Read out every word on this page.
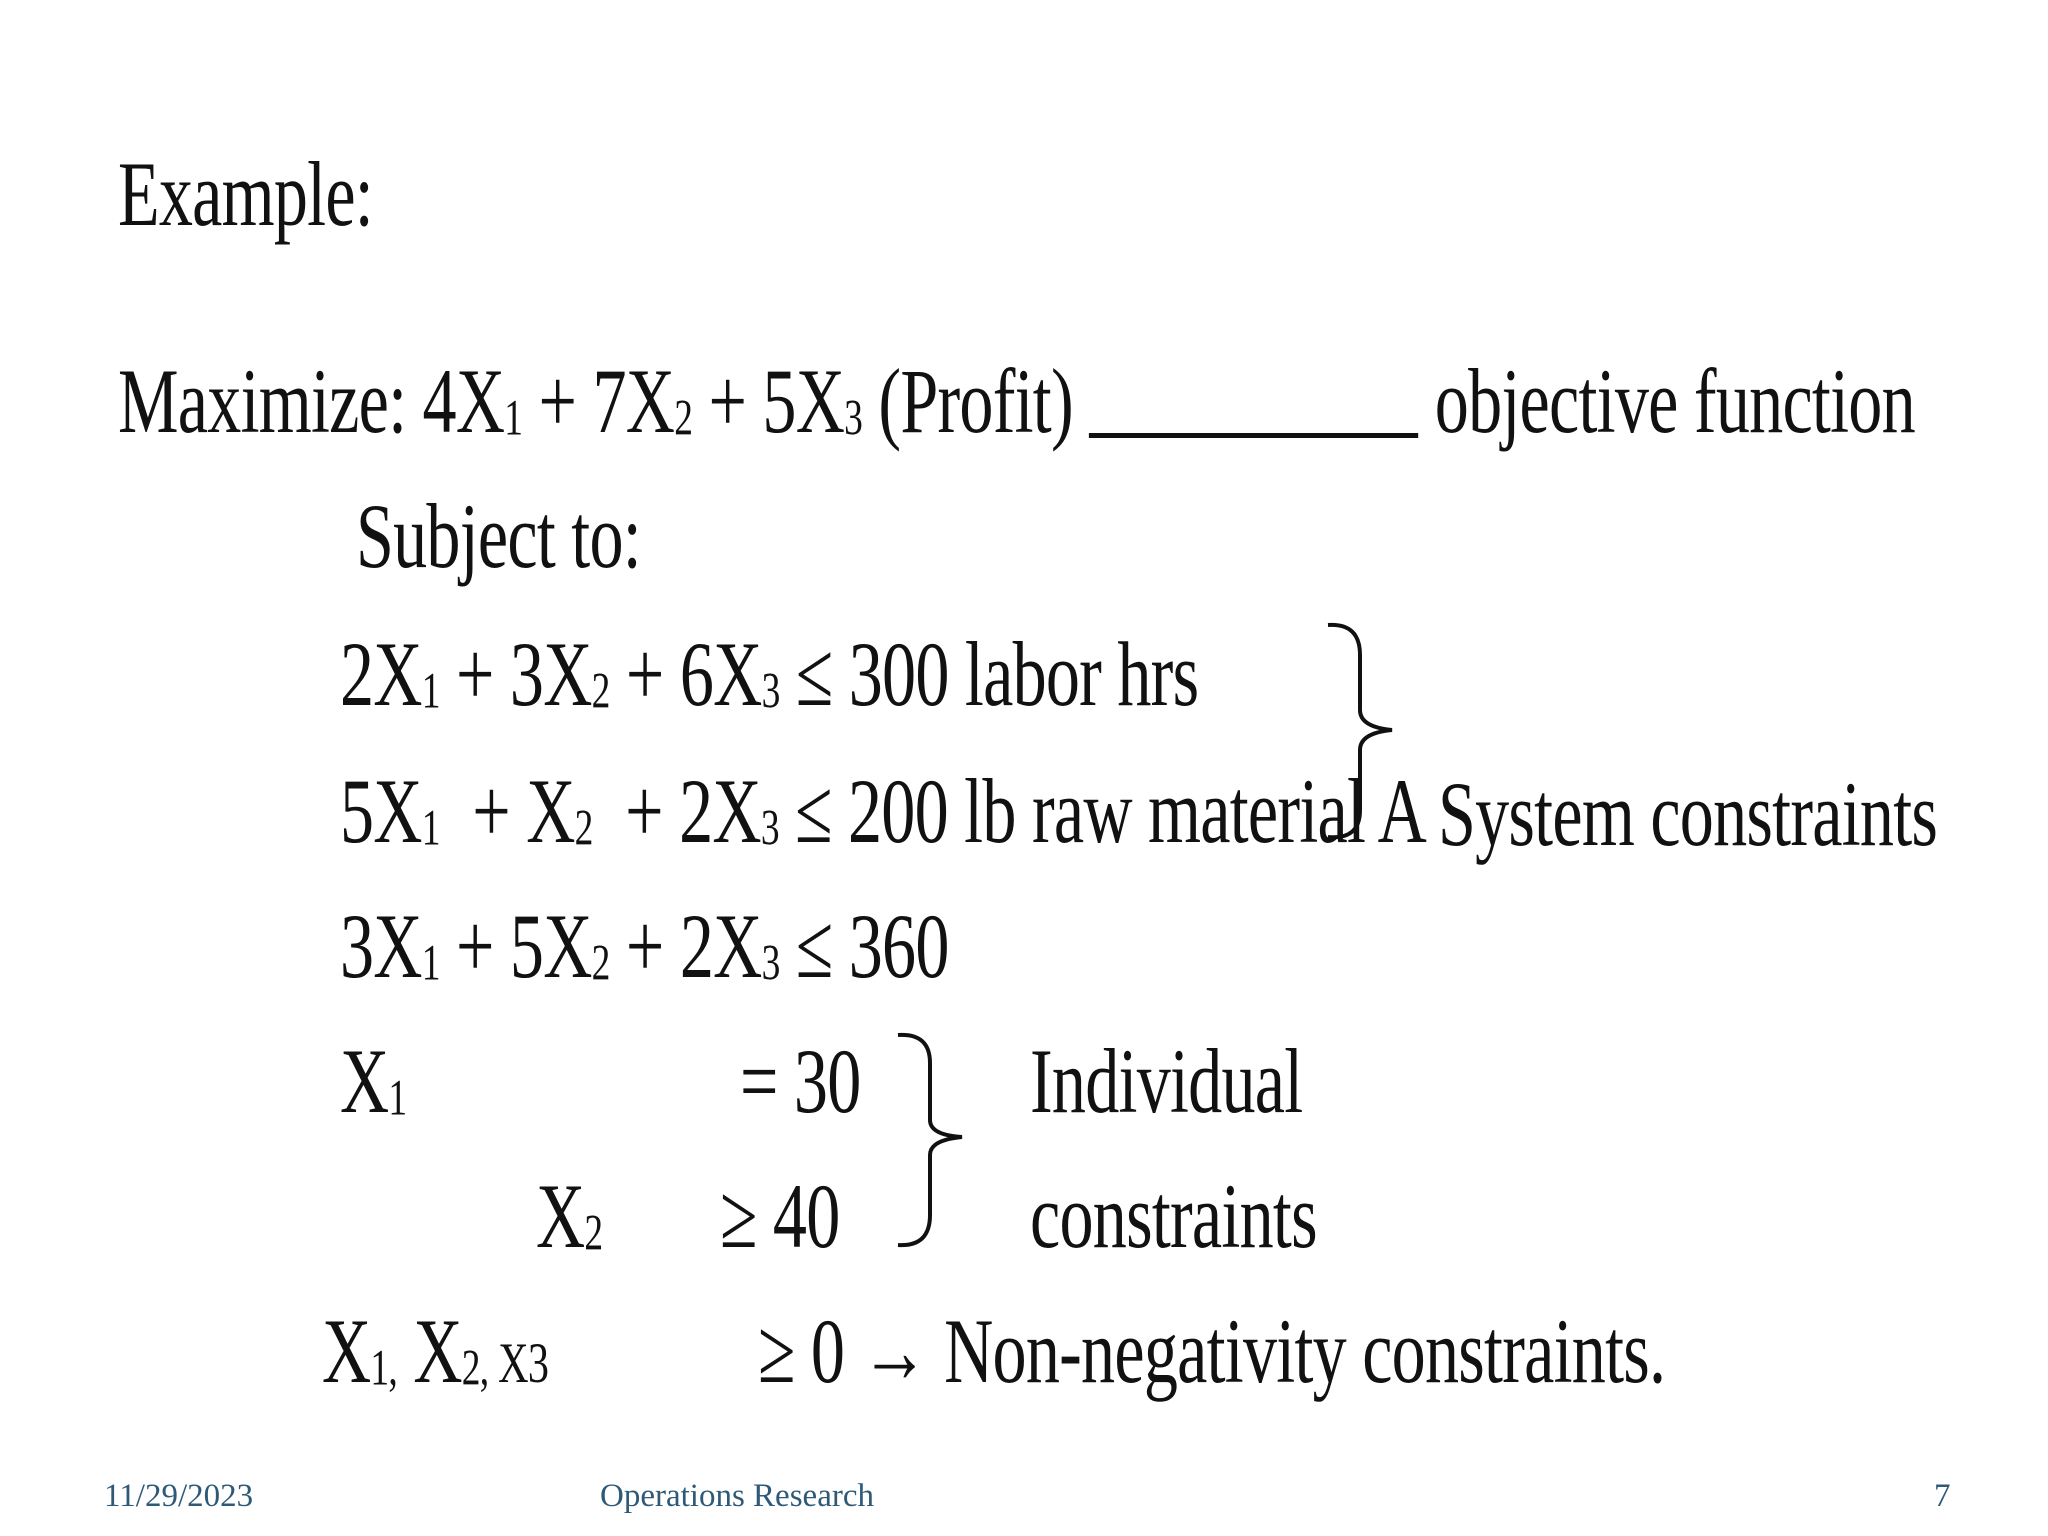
Example:
Maximize: $4X_1 + 7X_2 + 5X_3$ (Profit)	objective function
Subject to:
$2X_1 + 3X_2 + 6X_3 \le 300$ labor hrs
$5X_1 + X_2 + 2X_3 \le 200$ lb raw material A
$3X_1 + 5X_2 + 2X_3 \le 360$
System constraints
$X_1$	= 30
$X_2 \ge 40$
Individual
constraints
$X_{1,}$ $X_{2,}$ X3 ≥ 0 → Non-negativity constraints.
11/29/2023	Operations Research	7
